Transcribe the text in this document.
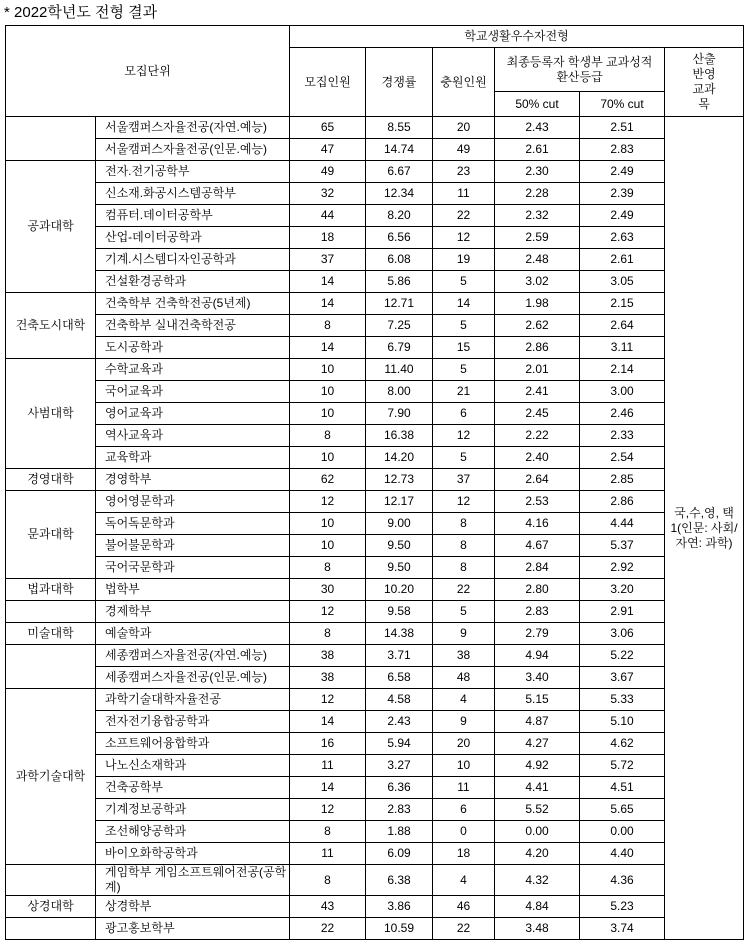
* 2022학년도 전형 결과
모집단위		학교생활우수자전형					
		모집인원	경쟁률	충원인원	최종등록자 학생부 교과성적 환산등급		산출 반영 교과목
					50% cut	70% cut	
	서울캠퍼스자율전공(자연.예능)	65	8.55	20	2.43	2.51	국,수,영, 택1(인문: 사회/자연: 과학)
	서울캠퍼스자율전공(인문.예능)	47	14.74	49	2.61	2.83	
공과대학	전자.전기공학부	49	6.67	23	2.30	2.49	
	신소재.화공시스템공학부	32	12.34	11	2.28	2.39	
	컴퓨터.데이터공학부	44	8.20	22	2.32	2.49	
	산업-데이터공학과	18	6.56	12	2.59	2.63	
	기계.시스템디자인공학과	37	6.08	19	2.48	2.61	
	건설환경공학과	14	5.86	5	3.02	3.05	
건축도시대학	건축학부 건축학전공(5년제)	14	12.71	14	1.98	2.15	
	건축학부 실내건축학전공	8	7.25	5	2.62	2.64	
	도시공학과	14	6.79	15	2.86	3.11	
사범대학	수학교육과	10	11.40	5	2.01	2.14	
	국어교육과	10	8.00	21	2.41	3.00	
	영어교육과	10	7.90	6	2.45	2.46	
	역사교육과	8	16.38	12	2.22	2.33	
	교육학과	10	14.20	5	2.40	2.54	
경영대학	경영학부	62	12.73	37	2.64	2.85	
문과대학	영어영문학과	12	12.17	12	2.53	2.86	
	독어독문학과	10	9.00	8	4.16	4.44	
	불어불문학과	10	9.50	8	4.67	5.37	
	국어국문학과	8	9.50	8	2.84	2.92	
법과대학	법학부	30	10.20	22	2.80	3.20	
	경제학부	12	9.58	5	2.83	2.91	
미술대학	예술학과	8	14.38	9	2.79	3.06	
	세종캠퍼스자율전공(자연.예능)	38	3.71	38	4.94	5.22	
	세종캠퍼스자율전공(인문.예능)	38	6.58	48	3.40	3.67	
과학기술대학	과학기술대학자율전공	12	4.58	4	5.15	5.33	
	전자전기융합공학과	14	2.43	9	4.87	5.10	
	소프트웨어융합학과	16	5.94	20	4.27	4.62	
	나노신소재학과	11	3.27	10	4.92	5.72	
	건축공학부	14	6.36	11	4.41	4.51	
	기계정보공학과	12	2.83	6	5.52	5.65	
	조선해양공학과	8	1.88	0	0.00	0.00	
	바이오화학공학과	11	6.09	18	4.20	4.40	
	게임학부 게임소프트웨어전공(공학계)	8	6.38	4	4.32	4.36	
상경대학	상경학부	43	3.86	46	4.84	5.23	
	광고홍보학부	22	10.59	22	3.48	3.74	
